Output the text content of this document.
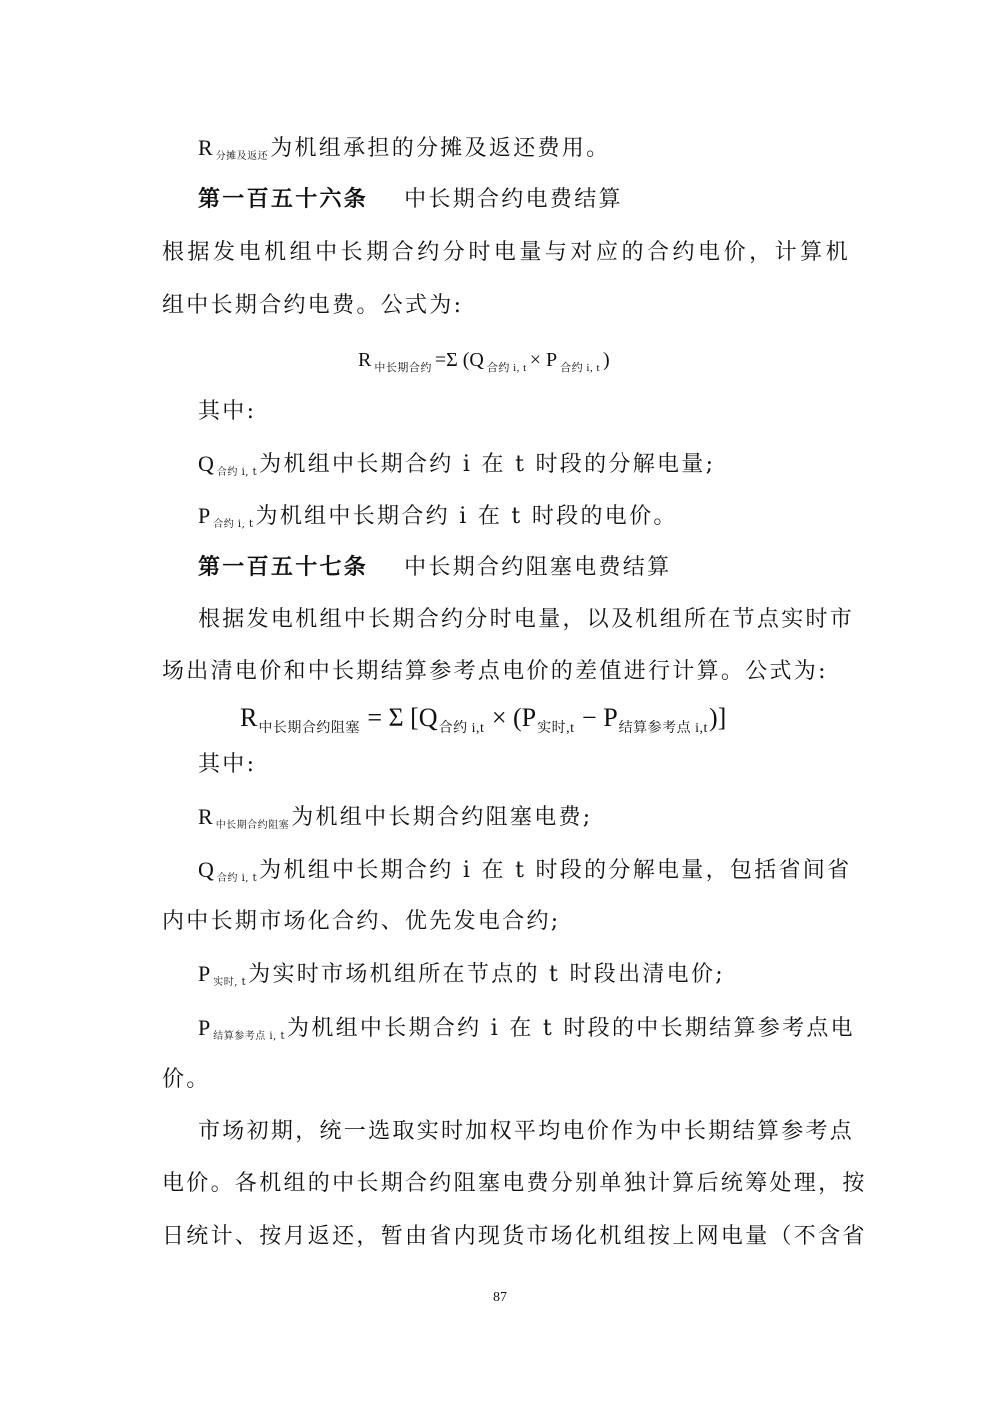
R $_{分摊及返还}$为机组承担的分摊及返还费用。
第一百五十六条 中长期合约电费结算
根据发电机组中长期合约分时电量与对应的合约电价，计算机
组中长期合约电费。公式为:
R $_{中长期合约}$ =Σ (Q $_{合约 i, t}$ × P $_{合约 i, t}$ )
其中:
Q $_{合约 i, t}$为机组中长期合约 i 在 t 时段的分解电量;
P $_{合约 i, t}$为机组中长期合约 i 在 t 时段的电价。
第一百五十七条 中长期合约阻塞电费结算
根据发电机组中长期合约分时电量，以及机组所在节点实时市
场出清电价和中长期结算参考点电价的差值进行计算。公式为:
$R_{中长期合约阻塞} = \Sigma$ $[Q_{合约 i,t} \times (P_{实时,t} - P_{结算参考点 i,t})]$
其中:
R $_{中长期合约阻塞}$为机组中长期合约阻塞电费;
Q $_{合约 i, t}$为机组中长期合约 i 在 t 时段的分解电量，包括省间省
内中长期市场化合约、优先发电合约;
P $_{实时, t}$为实时市场机组所在节点的 t 时段出清电价;
P $_{结算参考点 i, t}$为机组中长期合约 i 在 t 时段的中长期结算参考点电
价。
市场初期，统一选取实时加权平均电价作为中长期结算参考点
电价。各机组的中长期合约阻塞电费分别单独计算后统筹处理，按
日统计、按月返还，暂由省内现货市场化机组按上网电量（不含省
87
